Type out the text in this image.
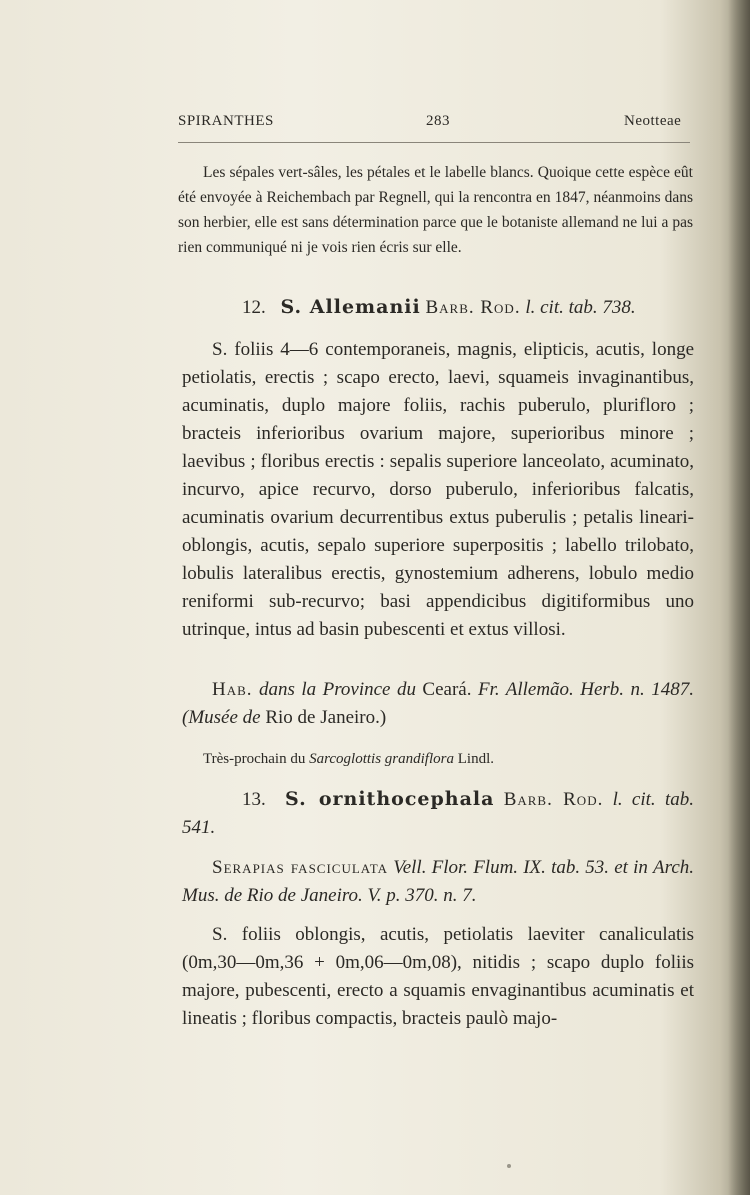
SPIRANTHES	283	Neotteae

Les sépales vert-sâles, les pétales et le labelle blancs. Quoique cette espèce eût été envoyée à Reichembach par Regnell, qui la rencontra en 1847, néanmoins dans son herbier, elle est sans détermination parce que le botaniste allemand ne lui a pas rien communiqué ni je vois rien écris sur elle.

12. S. Allemanii Barb. Rod. l. cit. tab. 738.

S. foliis 4—6 contemporaneis, magnis, elipticis, acutis, longe petiolatis, erectis ; scapo erecto, laevi, squameis invaginantibus, acuminatis, duplo majore foliis, rachis puberulo, plurifloro ; bracteis inferioribus ovarium majore, superioribus minore ; laevibus ; floribus erectis : sepalis superiore lanceolato, acuminato, incurvo, apice recurvo, dorso puberulo, inferioribus falcatis, acuminatis ovarium decurrentibus extus puberulis ; petalis lineari-oblongis, acutis, sepalo superiore superpositis ; labello trilobato, lobulis lateralibus erectis, gynostemium adherens, lobulo medio reniformi sub-recurvo; basi appendicibus digitiformibus uno utrinque, intus ad basin pubescenti et extus villosi.

Hab. dans la Province du Ceará. Fr. Allemão. Herb. n. 1487. (Musée de Rio de Janeiro.)

Très-prochain du Sarcoglottis grandiflora Lindl.

13. S. ornithocephala Barb. Rod. l. cit. tab. 541.

Serapias fasciculata Vell. Flor. Flum. IX. tab. 53. et in Arch. Mus. de Rio de Janeiro. V. p. 370. n. 7.

S. foliis oblongis, acutis, petiolatis laeviter canaliculatis (0m,30—0m,36 + 0m,06—0m,08), nitidis ; scapo duplo foliis majore, pubescenti, erecto a squamis envaginantibus acuminatis et lineatis ; floribus compactis, bracteis paulò majo-
